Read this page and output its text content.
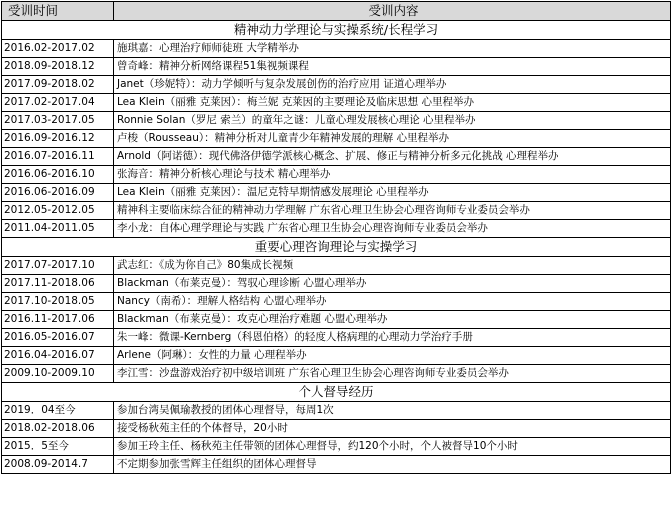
受训时间	受训内容
精神动力学理论与实操系统/长程学习	
2016.02-2017.02	施琪嘉：心理治疗师师徒班 大学精举办
2018.09-2018.12	曾奇峰：精神分析网络课程51集视频课程
2017.09-2018.02	Janet（珍妮特）：动力学倾听与复杂发展创伤的治疗应用 证道心理举办
2017.02-2017.04	Lea Klein（丽雅 克莱因）：梅兰妮 克莱因的主要理论及临床思想 心里程举办
2017.03-2017.05	Ronnie Solan（罗尼 索兰）的童年之谜：儿童心理发展核心理论 心里程举办
2016.09-2016.12	卢梭（Rousseau）：精神分析对儿童青少年精神发展的理解 心里程举办
2016.07-2016.11	Arnold（阿诺德）：现代佛洛伊德学派核心概念、扩展、修正与精神分析多元化挑战 心理程举办
2016.06-2016.10	张海音：精神分析核心理论与技术 精心理举办
2016.06-2016.09	Lea Klein（丽雅 克莱因）：温尼克特早期情感发展理论 心里程举办
2012.05-2012.05	精神科主要临床综合征的精神动力学理解 广东省心理卫生协会心理咨询师专业委员会举办
2011.04-2011.05	李小龙：自体心理学理论与实践 广东省心理卫生协会心理咨询师专业委员会举办
重要心理咨询理论与实操学习	
2017.07-2017.10	武志红：《成为你自己》80集成长视频
2017.11-2018.06	Blackman（布莱克曼）：驾驭心理诊断 心盟心理举办
2017.10-2018.05	Nancy（南希）：理解人格结构 心盟心理举办
2016.11-2017.06	Blackman（布莱克曼）：攻克心理治疗难题 心盟心理举办
2016.05-2016.07	朱一峰：微课-Kernberg（科恩伯格）的轻度人格病理的心理动力学治疗手册
2016.04-2016.07	Arlene（阿琳）：女性的力量 心理程举办
2009.10-2009.10	李江雪：沙盘游戏治疗初中级培训班 广东省心理卫生协会心理咨询师专业委员会举办
个人督导经历	
2019．04至今	参加台湾吴佩瑜教授的团体心理督导，每周1次
2018.02-2018.06	接受杨秋苑主任的个体督导，20小时
2015．5至今	参加王玲主任、杨秋苑主任带领的团体心理督导，约120个小时，个人被督导10个小时
2008.09-2014.7	不定期参加张雪辉主任组织的团体心理督导
